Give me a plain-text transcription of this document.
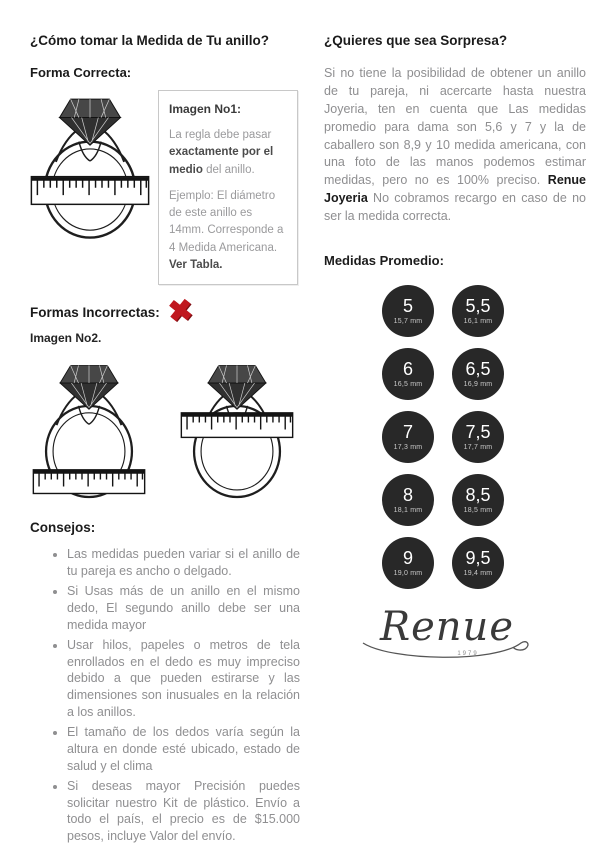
¿Cómo tomar la Medida de Tu anillo?
Forma Correcta:
Imagen No1:

La regla debe pasar exactamente por el medio del anillo.

Ejemplo: El diámetro de este anillo es 14mm. Corresponde a 4 Medida Americana. Ver Tabla.

Formas Incorrectas: ✖
Imagen No2.
Consejos:
• Las medidas pueden variar si el anillo de tu pareja es ancho o delgado.
• Si Usas más de un anillo en el mismo dedo, El segundo anillo debe ser una medida mayor
• Usar hilos, papeles o metros de tela enrollados en el dedo es muy impreciso debido a que pueden estirarse y las dimensiones son inusuales en la relación a los anillos.
• El tamaño de los dedos varía según la altura en donde esté ubicado, estado de salud y el clima
• Si deseas mayor Precisión puedes solicitar nuestro Kit de plástico. Envío a todo el país, el precio es de $15.000 pesos, incluye Valor del envío.
¿Quieres que sea Sorpresa?

Si no tiene la posibilidad de obtener un anillo de tu pareja, ni acercarte hasta nuestra Joyeria, ten en cuenta que Las medidas promedio para dama son 5,6 y 7 y la de caballero son 8,9 y 10 medida americana, con una foto de las manos podemos estimar medidas, pero no es 100% preciso. Renue Joyeria No cobramos recargo en caso de no ser la medida correcta.

Medidas Promedio:
5
15,7 mm
5,5
16,1 mm
6
16,5 mm
6,5
16,9 mm
7
17,3 mm
7,5
17,7 mm
8
18,1 mm
8,5
18,5 mm
9
19,0 mm
9,5
19,4 mm
Renue
1979
